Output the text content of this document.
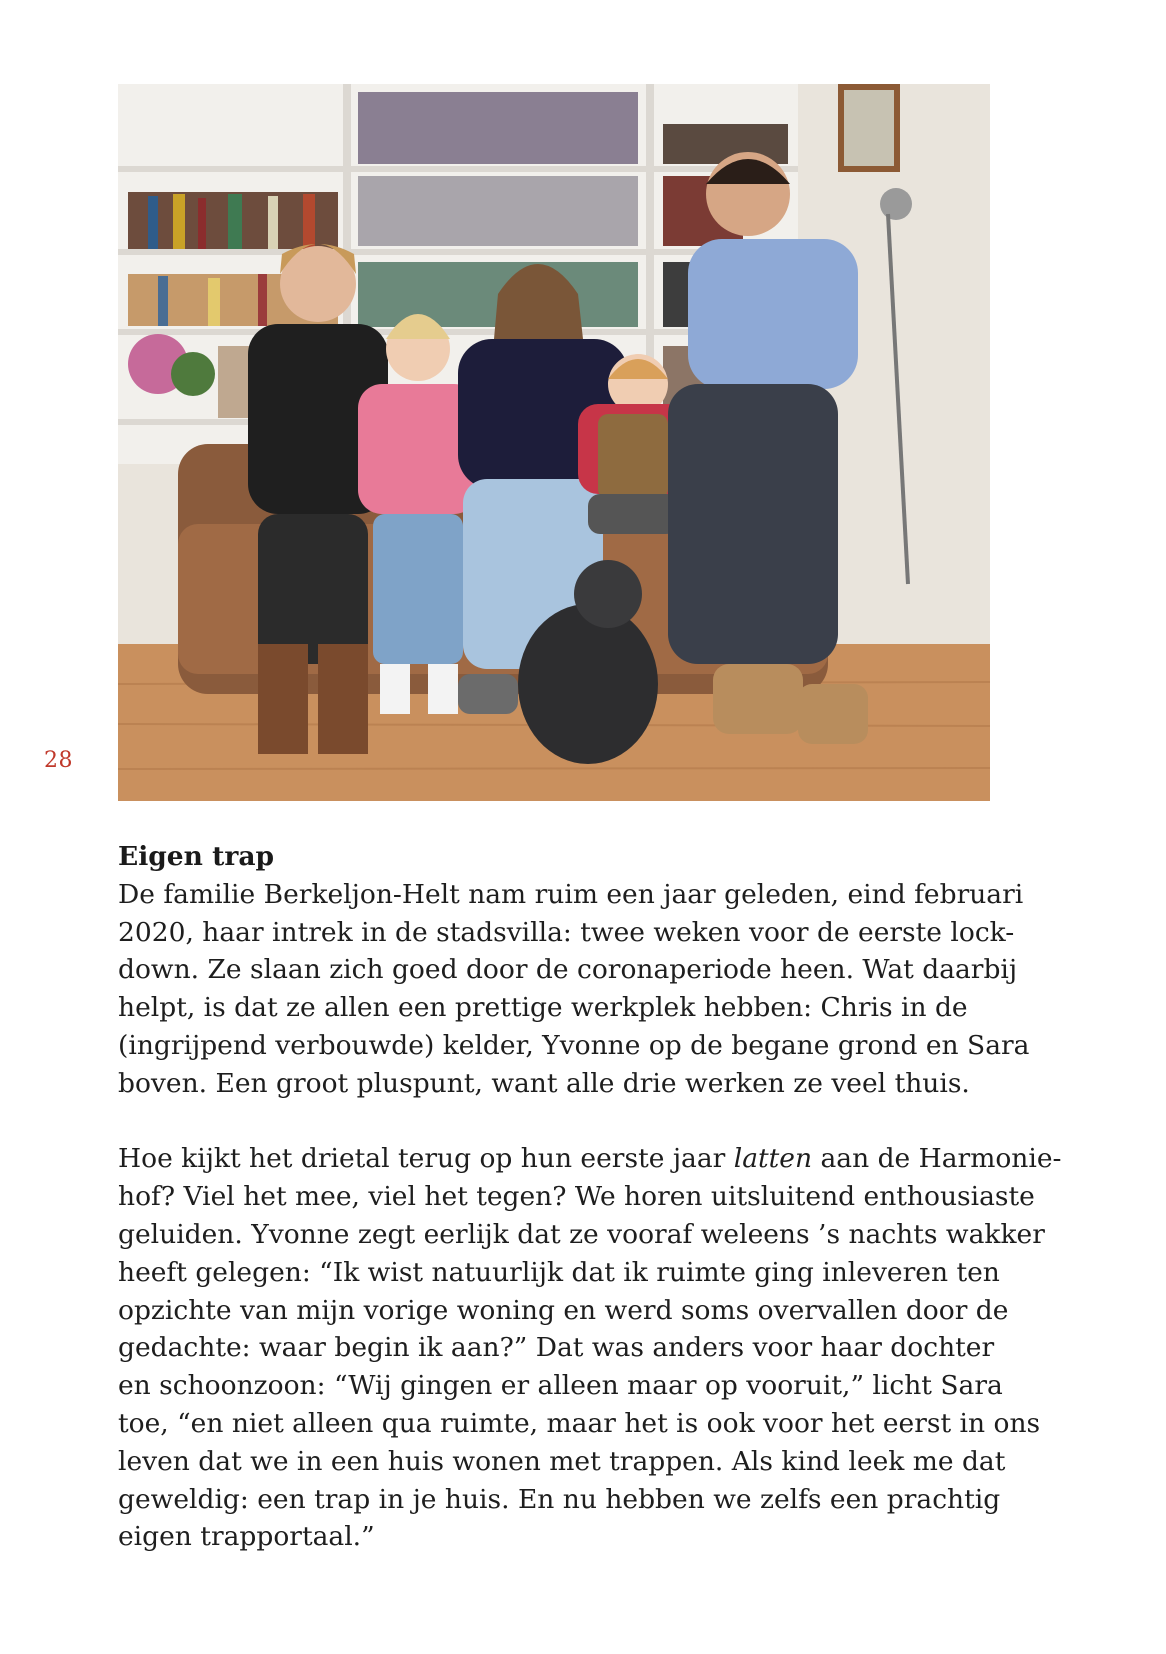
28
Eigen trap

De familie Berkeljon-Helt nam ruim een jaar geleden, eind februari
2020, haar intrek in de stadsvilla: twee weken voor de eerste lock-
down. Ze slaan zich goed door de coronaperiode heen. Wat daarbij
helpt, is dat ze allen een prettige werkplek hebben: Chris in de
(ingrijpend verbouwde) kelder, Yvonne op de begane grond en Sara
boven. Een groot pluspunt, want alle drie werken ze veel thuis.

Hoe kijkt het drietal terug op hun eerste jaar latten aan de Harmonie-
hof? Viel het mee, viel het tegen? We horen uitsluitend enthousiaste
geluiden. Yvonne zegt eerlijk dat ze vooraf weleens ’s nachts wakker
heeft gelegen: “Ik wist natuurlijk dat ik ruimte ging inleveren ten
opzichte van mijn vorige woning en werd soms overvallen door de
gedachte: waar begin ik aan?” Dat was anders voor haar dochter
en schoonzoon: “Wij gingen er alleen maar op vooruit,” licht Sara
toe, “en niet alleen qua ruimte, maar het is ook voor het eerst in ons
leven dat we in een huis wonen met trappen. Als kind leek me dat
geweldig: een trap in je huis. En nu hebben we zelfs een prachtig
eigen trapportaal.”
